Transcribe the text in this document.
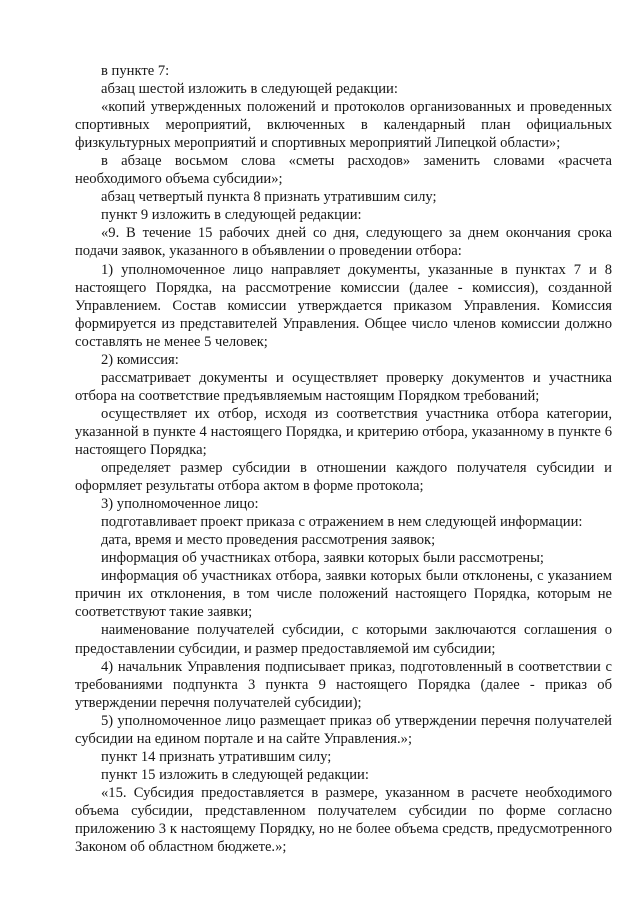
в пункте 7:

абзац шестой изложить в следующей редакции:

«копий утвержденных положений и протоколов организованных и проведенных спортивных мероприятий, включенных в календарный план официальных физкультурных мероприятий и спортивных мероприятий Липецкой области»;

в абзаце восьмом слова «сметы расходов» заменить словами «расчета необходимого объема субсидии»;

абзац четвертый пункта 8 признать утратившим силу;

пункт 9 изложить в следующей редакции:

«9. В течение 15 рабочих дней со дня, следующего за днем окончания срока подачи заявок, указанного в объявлении о проведении отбора:

1) уполномоченное лицо направляет документы, указанные в пунктах 7 и 8 настоящего Порядка, на рассмотрение комиссии (далее - комиссия), созданной Управлением. Состав комиссии утверждается приказом Управления. Комиссия формируется из представителей Управления. Общее число членов комиссии должно составлять не менее 5 человек;

2) комиссия:

рассматривает документы и осуществляет проверку документов и участника отбора на соответствие предъявляемым настоящим Порядком требований;

осуществляет их отбор, исходя из соответствия участника отбора категории, указанной в пункте 4 настоящего Порядка, и критерию отбора, указанному в пункте 6 настоящего Порядка;

определяет размер субсидии в отношении каждого получателя субсидии и оформляет результаты отбора актом в форме протокола;

3) уполномоченное лицо:

подготавливает проект приказа с отражением в нем следующей информации:

дата, время и место проведения рассмотрения заявок;

информация об участниках отбора, заявки которых были рассмотрены;

информация об участниках отбора, заявки которых были отклонены, с указанием причин их отклонения, в том числе положений настоящего Порядка, которым не соответствуют такие заявки;

наименование получателей субсидии, с которыми заключаются соглашения о предоставлении субсидии, и размер предоставляемой им субсидии;

4) начальник Управления подписывает приказ, подготовленный в соответствии с требованиями подпункта 3 пункта 9 настоящего Порядка (далее - приказ об утверждении перечня получателей субсидии);

5) уполномоченное лицо размещает приказ об утверждении перечня получателей субсидии на едином портале и на сайте Управления.»;

пункт 14 признать утратившим силу;

пункт 15 изложить в следующей редакции:

«15. Субсидия предоставляется в размере, указанном в расчете необходимого объема субсидии, представленном получателем субсидии по форме согласно приложению 3 к настоящему Порядку, но не более объема средств, предусмотренного Законом об областном бюджете.»;
